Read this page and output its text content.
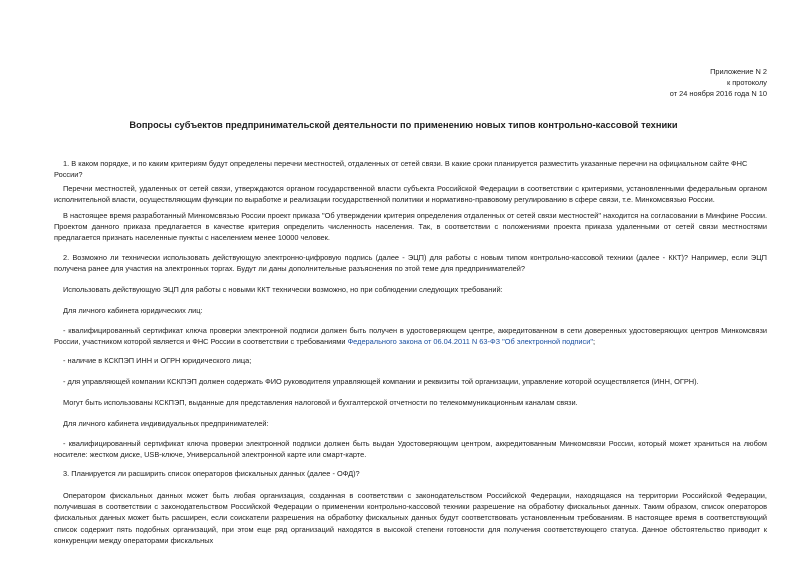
Приложение N 2
к протоколу
от 24 ноября 2016 года N 10
Вопросы субъектов предпринимательской деятельности по применению новых типов контрольно-кассовой техники
1. В каком порядке, и по каким критериям будут определены перечни местностей, отдаленных от сетей связи. В какие сроки планируется разместить указанные перечни на официальном сайте ФНС России?
Перечни местностей, удаленных от сетей связи, утверждаются органом государственной власти субъекта Российской Федерации в соответствии с критериями, установленными федеральным органом исполнительной власти, осуществляющим функции по выработке и реализации государственной политики и нормативно-правовому регулированию в сфере связи, т.е. Минкомсвязью России.
В настоящее время разработанный Минкомсвязью России проект приказа "Об утверждении критерия определения отдаленных от сетей связи местностей" находится на согласовании в Минфине России. Проектом данного приказа предлагается в качестве критерия определить численность населения. Так, в соответствии с положениями проекта приказа удаленными от сетей связи местностями предлагается признать населенные пункты с населением менее 10000 человек.
2. Возможно ли технически использовать действующую электронно-цифровую подпись (далее - ЭЦП) для работы с новым типом контрольно-кассовой техники (далее - ККТ)? Например, если ЭЦП получена ранее для участия на электронных торгах. Будут ли даны дополнительные разъяснения по этой теме для предпринимателей?
Использовать действующую ЭЦП для работы с новыми ККТ технически возможно, но при соблюдении следующих требований:
Для личного кабинета юридических лиц:
- квалифицированный сертификат ключа проверки электронной подписи должен быть получен в удостоверяющем центре, аккредитованном в сети доверенных удостоверяющих центров Минкомсвязи России, участником которой является и ФНС России в соответствии с требованиями Федерального закона от 06.04.2011 N 63-ФЗ "Об электронной подписи";
- наличие в КСКПЭП ИНН и ОГРН юридического лица;
- для управляющей компании КСКПЭП должен содержать ФИО руководителя управляющей компании и реквизиты той организации, управление которой осуществляется (ИНН, ОГРН).
Могут быть использованы КСКПЭП, выданные для представления налоговой и бухгалтерской отчетности по телекоммуникационным каналам связи.
Для личного кабинета индивидуальных предпринимателей:
- квалифицированный сертификат ключа проверки электронной подписи должен быть выдан Удостоверяющим центром, аккредитованным Минкомсвязи России, который может храниться на любом носителе: жестком диске, USB-ключе, Универсальной электронной карте или смарт-карте.
3. Планируется ли расширить список операторов фискальных данных (далее - ОФД)?
Оператором фискальных данных может быть любая организация, созданная в соответствии с законодательством Российской Федерации, находящаяся на территории Российской Федерации, получившая в соответствии с законодательством Российской Федерации о применении контрольно-кассовой техники разрешение на обработку фискальных данных. Таким образом, список операторов фискальных данных может быть расширен, если соискатели разрешения на обработку фискальных данных будут соответствовать установленным требованиям. В настоящее время в соответствующий список содержит пять подобных организаций, при этом еще ряд организаций находятся в высокой степени готовности для получения соответствующего статуса. Данное обстоятельство приводит к конкуренции между операторами фискальных
